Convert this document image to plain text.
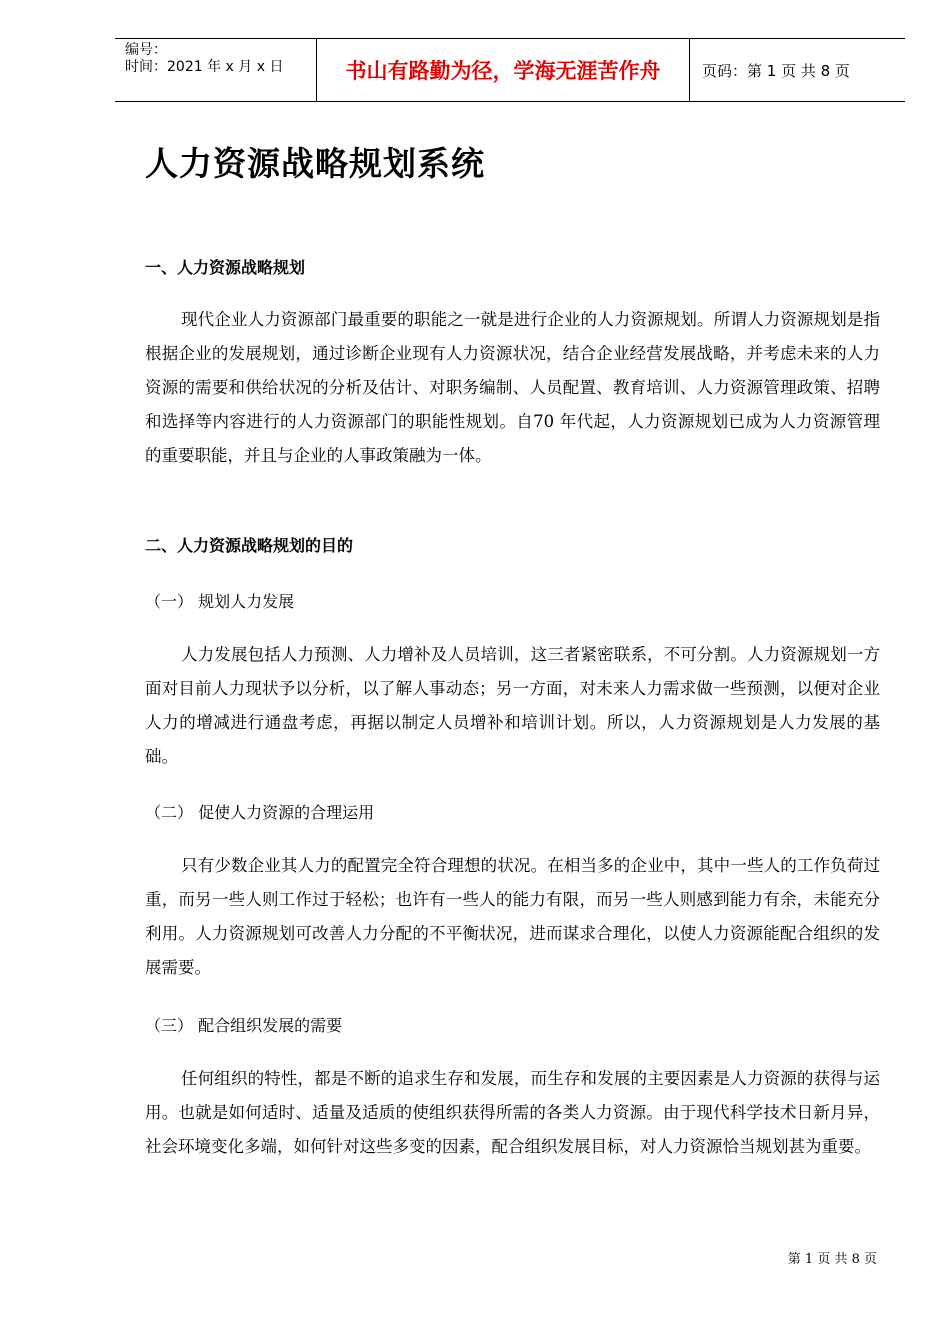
编号：
时间：2021 年 x 月 x 日	书山有路勤为径，学海无涯苦作舟	页码：第 1 页 共 8 页
人力资源战略规划系统
一、人力资源战略规划
现代企业人力资源部门最重要的职能之一就是进行企业的人力资源规划。所谓人力资源规划是指根据企业的发展规划，通过诊断企业现有人力资源状况，结合企业经营发展战略，并考虑未来的人力资源的需要和供给状况的分析及估计、对职务编制、人员配置、教育培训、人力资源管理政策、招聘和选择等内容进行的人力资源部门的职能性规划。自70 年代起，人力资源规划已成为人力资源管理的重要职能，并且与企业的人事政策融为一体。
二、人力资源战略规划的目的
（一） 规划人力发展
人力发展包括人力预测、人力增补及人员培训，这三者紧密联系，不可分割。人力资源规划一方面对目前人力现状予以分析，以了解人事动态；另一方面，对未来人力需求做一些预测，以便对企业人力的增减进行通盘考虑，再据以制定人员增补和培训计划。所以，人力资源规划是人力发展的基础。
（二） 促使人力资源的合理运用
只有少数企业其人力的配置完全符合理想的状况。在相当多的企业中，其中一些人的工作负荷过重，而另一些人则工作过于轻松；也许有一些人的能力有限，而另一些人则感到能力有余，未能充分利用。人力资源规划可改善人力分配的不平衡状况，进而谋求合理化，以使人力资源能配合组织的发展需要。
（三） 配合组织发展的需要
任何组织的特性，都是不断的追求生存和发展，而生存和发展的主要因素是人力资源的获得与运用。也就是如何适时、适量及适质的使组织获得所需的各类人力资源。由于现代科学技术日新月异，社会环境变化多端，如何针对这些多变的因素，配合组织发展目标，对人力资源恰当规划甚为重要。
第 1 页 共 8 页
